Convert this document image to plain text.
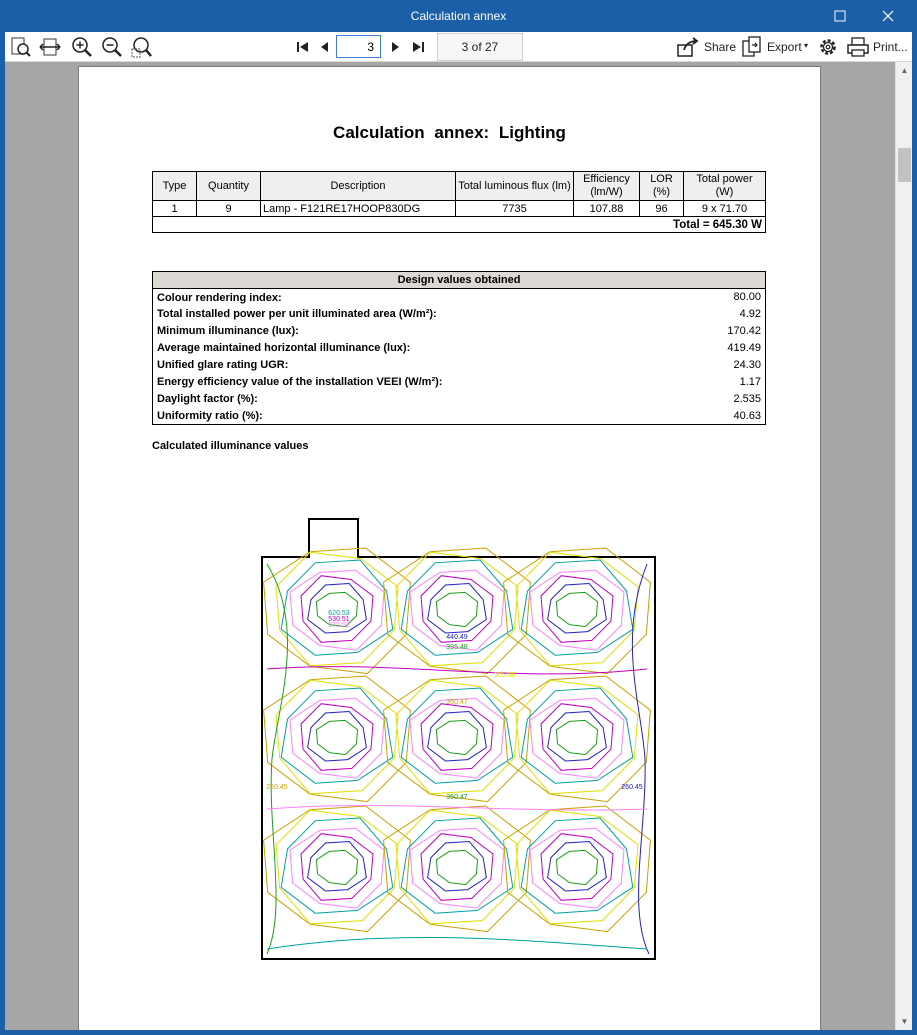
Calculation annex
3
3 of 27	Share	Export ▾	Print...
Calculation annex: Lighting
Type	Quantity	Description	Total luminous flux (lm)	Efficiency (lm/W)	LOR (%)	Total power (W)
1	9	Lamp - F121RE17HOOP830DG	7735	107.88	96	9 x 71.70
Total = 645.30 W						
Design values obtained	
Colour rendering index:	80.00
Total installed power per unit illuminated area (W/m²):	4.92
Minimum illuminance (lux):	170.42
Average maintained horizontal illuminance (lux):	419.49
Unified glare rating UGR:	24.30
Energy efficiency value of the installation VEEI (W/m²):	1.17
Daylight factor (%):	2.535
Uniformity ratio (%):	40.63
Calculated illuminance values
350.47
395.48
440.49
530.51
575.52
620.53
305.46
260.45
350.47
260.45
▲
▼
